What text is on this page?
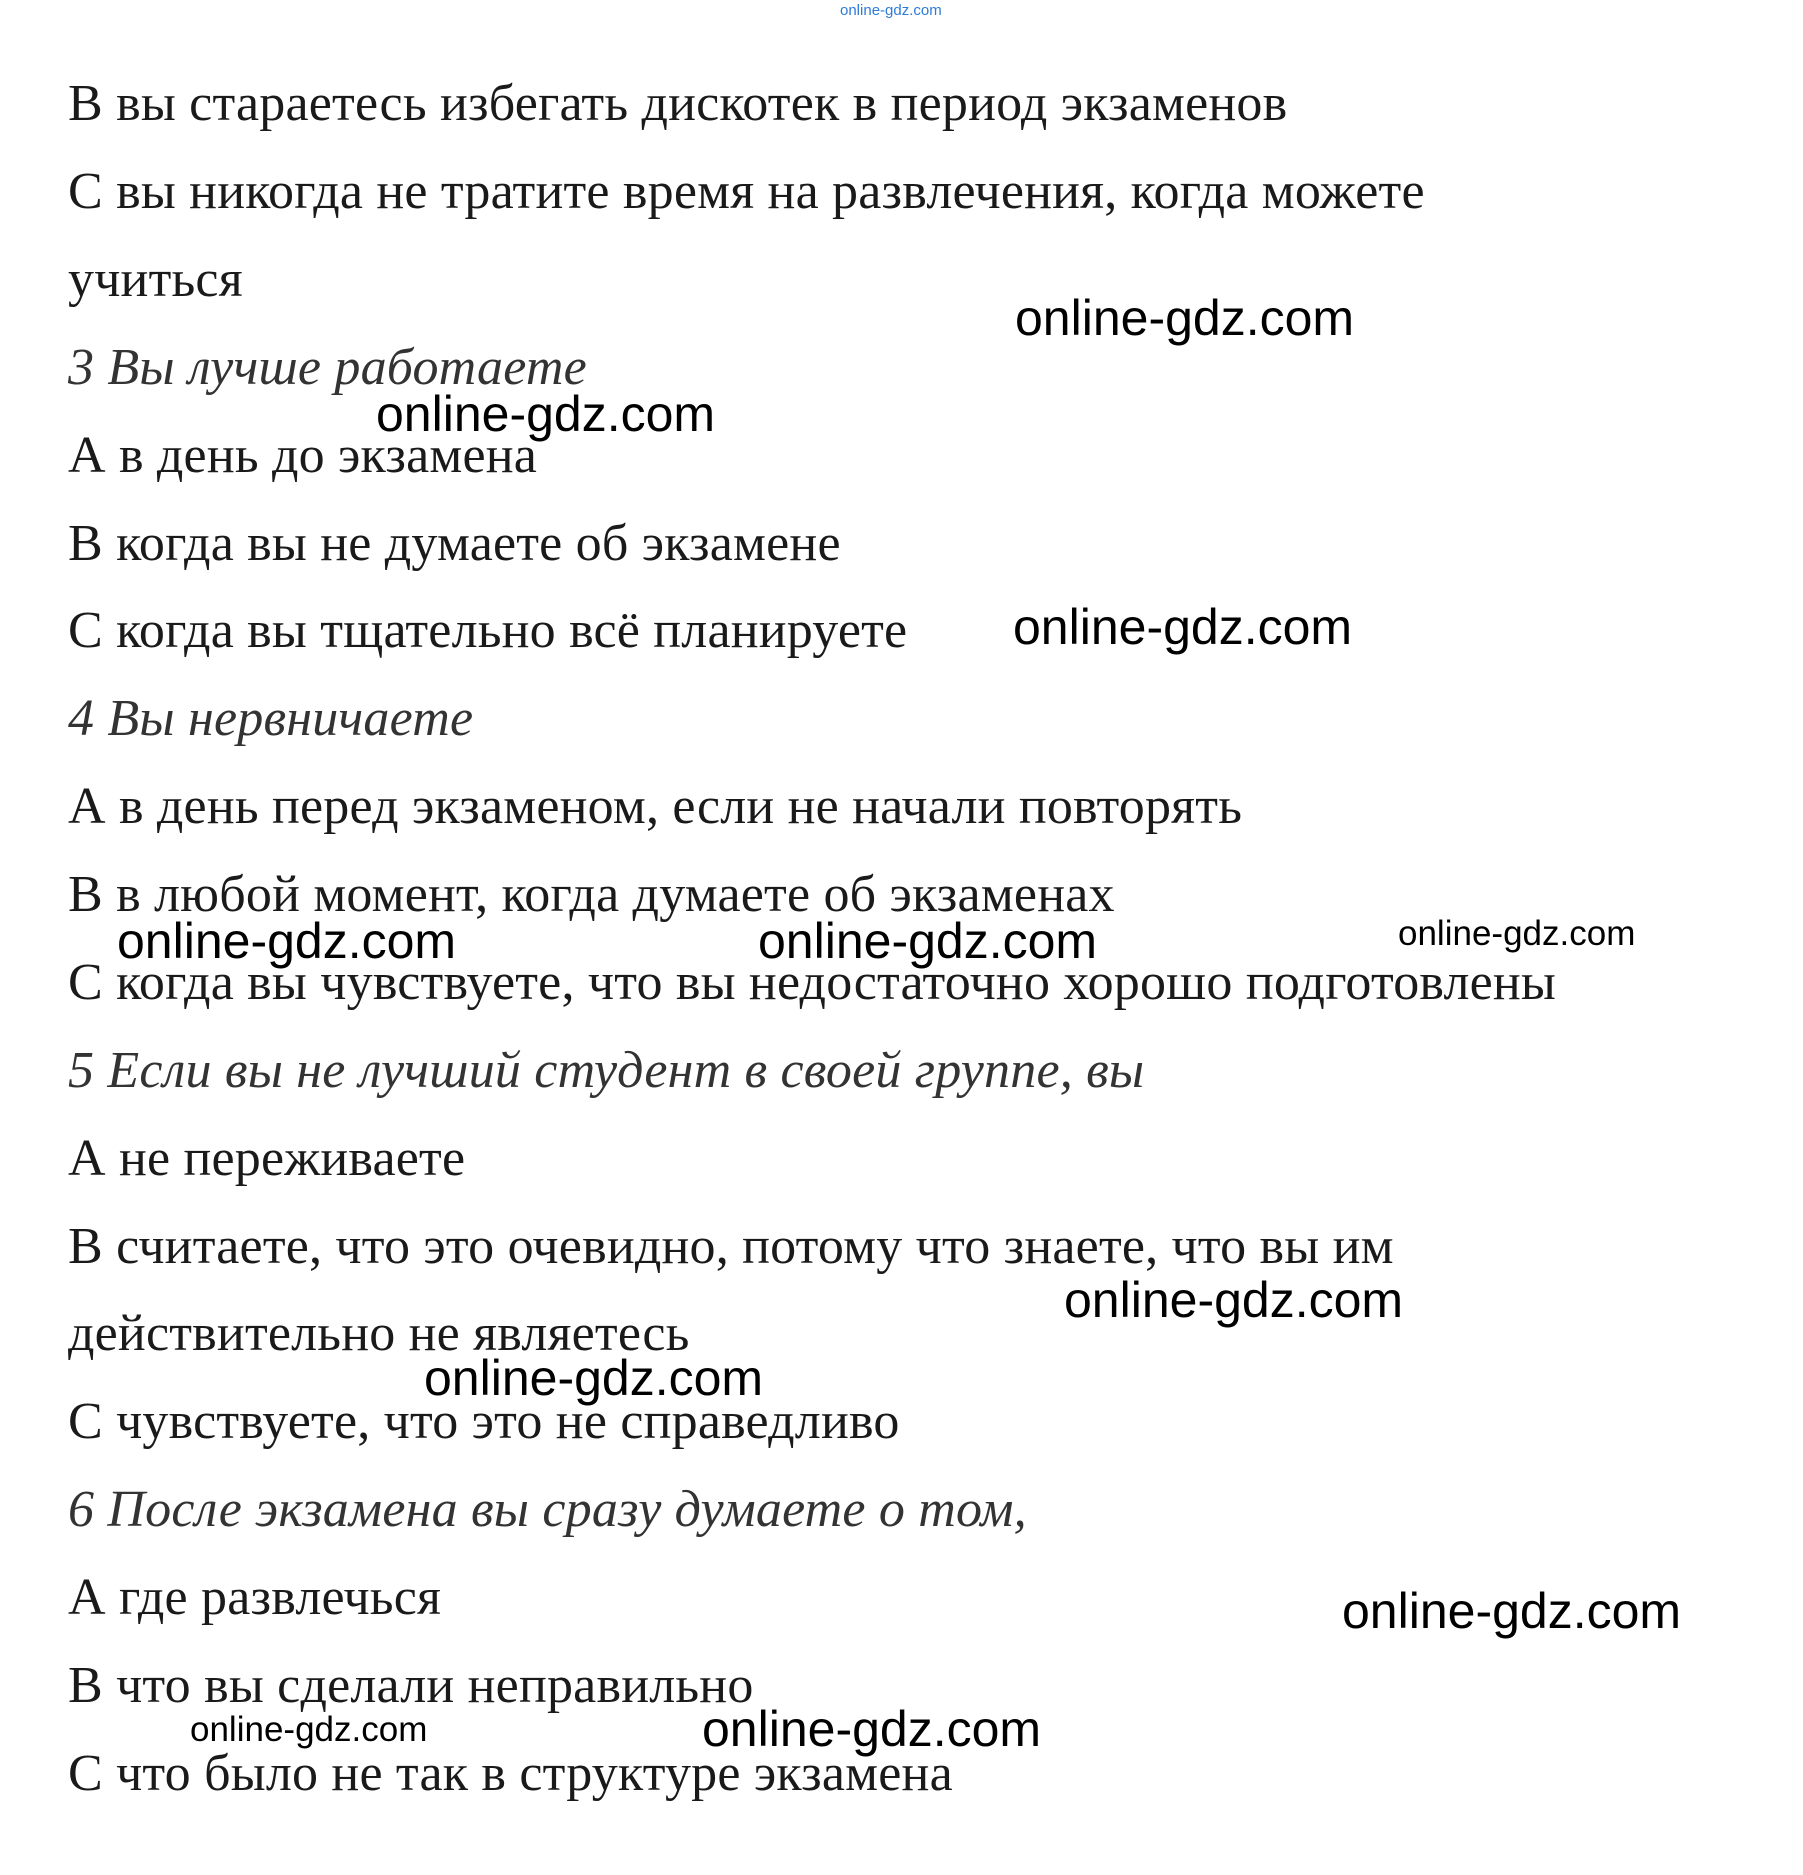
online-gdz.com
В вы стараетесь избегать дискотек в период экзаменов
С вы никогда не тратите время на развлечения, когда можете
учиться
3 Вы лучше работаете
А в день до экзамена
В когда вы не думаете об экзамене
С когда вы тщательно всё планируете
4 Вы нервничаете
А в день перед экзаменом, если не начали повторять
В в любой момент, когда думаете об экзаменах
С когда вы чувствуете, что вы недостаточно хорошо подготовлены
5 Если вы не лучший студент в своей группе, вы
А не переживаете
В считаете, что это очевидно, потому что знаете, что вы им
действительно не являетесь
С чувствуете, что это не справедливо
6 После экзамена вы сразу думаете о том,
А где развлечься
В что вы сделали неправильно
С что было не так в структуре экзамена
online-gdz.com
online-gdz.com
online-gdz.com
online-gdz.com	online-gdz.com	online-gdz.com
online-gdz.com
online-gdz.com
online-gdz.com
online-gdz.com	online-gdz.com
